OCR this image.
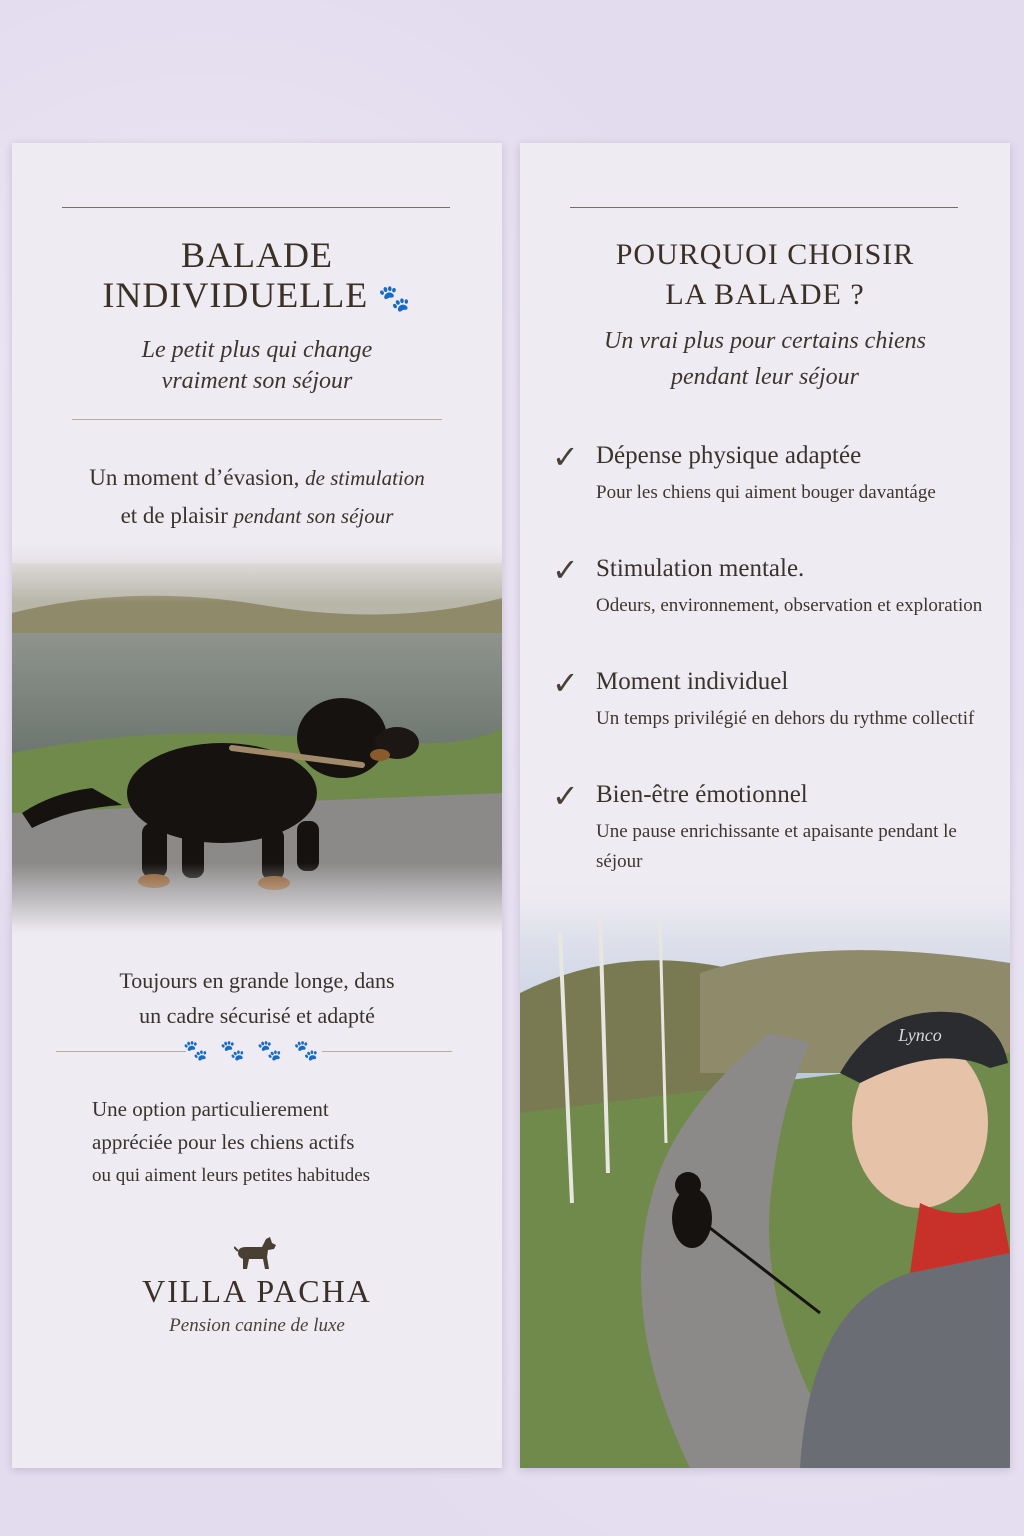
BALADE
INDIVIDUELLE 🐾
Le petit plus qui change
vraiment son séjour
Un moment d’évasion, de stimulation
et de plaisir pendant son séjour
Toujours en grande longe, dans
un cadre sécurisé et adapté
🐾🐾🐾🐾
Une option particulierement
appréciée pour les chiens actifs
ou qui aiment leurs petites habitudes
VILLA PACHA
Pension canine de luxe
POURQUOI CHOISIR
LA BALADE ?
Un vrai plus pour certains chiens
pendant leur séjour
✓ Dépense physique adaptée
Pour les chiens qui aiment bouger davantáge
✓ Stimulation mentale.
Odeurs, environnement, observation et exploration
✓ Moment individuel
Un temps privilégié en dehors du rythme collectif
✓ Bien-être émotionnel
Une pause enrichissante et apaisante pendant le séjour
Lynco
